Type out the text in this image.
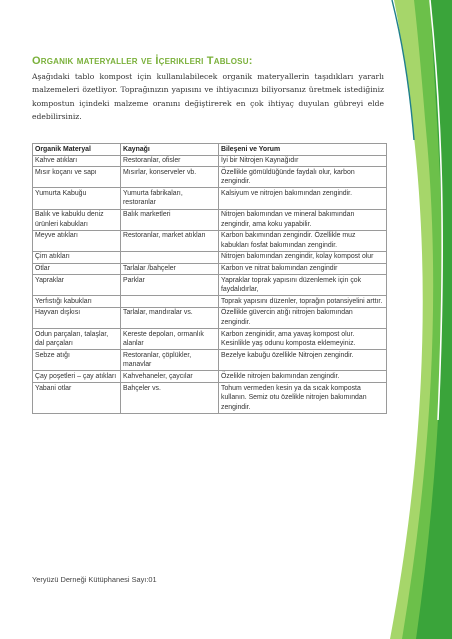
Organik materyaller ve İçerikleri Tablosu:
Aşağıdaki tablo kompost için kullanılabilecek organik materyallerin taşıdıkları yararlı malzemeleri özetliyor. Toprağınızın yapısını ve ihtiyacınızı biliyorsanız üretmek istediğiniz kompostun içindeki malzeme oranını değiştirerek en çok ihtiyaç duyulan gübreyi elde edebilirsiniz.
Organik Materyal	Kaynağı	Bileşeni ve Yorum
Kahve atıkları	Restoranlar, ofisler	İyi bir Nitrojen Kaynağıdır
Mısır koçanı ve sapı	Mısırlar, konserveler vb.	Özellikle gömüldüğünde faydalı olur, karbon zengindir.
Yumurta Kabuğu	Yumurta fabrikaları, restoranlar	Kalsiyum ve nitrojen bakımından zengindir.
Balık ve kabuklu deniz ürünleri kabukları	Balık marketleri	Nitrojen bakımından ve mineral bakımından zengindir, ama koku yapabilir.
Meyve atıkları	Restoranlar, market atıkları	Karbon bakımından zengindir. Özellikle muz kabukları fosfat bakımından zengindir.
Çim atıkları		Nitrojen bakımından zengindir, kolay kompost olur
Otlar	Tarlalar /bahçeler	Karbon ve nitrat bakımından zengindir
Yapraklar	Parklar	Yapraklar toprak yapısını düzenlemek için çok faydalıdırlar,
Yerfıstığı kabukları		Toprak yapısını düzenler, toprağın potansiyelini arttır.
Hayvan dışkısı	Tarlalar, mandıralar vs.	Özellikle güvercin atığı nitrojen bakımından zengindir.
Odun parçaları, talaşlar, dal parçaları	Kereste depoları, ormanlık alanlar	Karbon zenginidir, ama yavaş kompost olur. Kesinlikle yaş odunu komposta eklemeyiniz.
Sebze atığı	Restoranlar, çöplükler, manavlar	Bezelye kabuğu özellikle Nitrojen zengindir.
Çay poşetleri – çay atıkları	Kahvehaneler, çaycılar	Özelikle nitrojen bakımından zengindir.
Yabani otlar	Bahçeler vs.	Tohum vermeden kesin ya da sıcak komposta kullanın. Semiz otu özelikle nitrojen bakımından zengindir.
Yeryüzü Derneği Kütüphanesi Sayı:01
